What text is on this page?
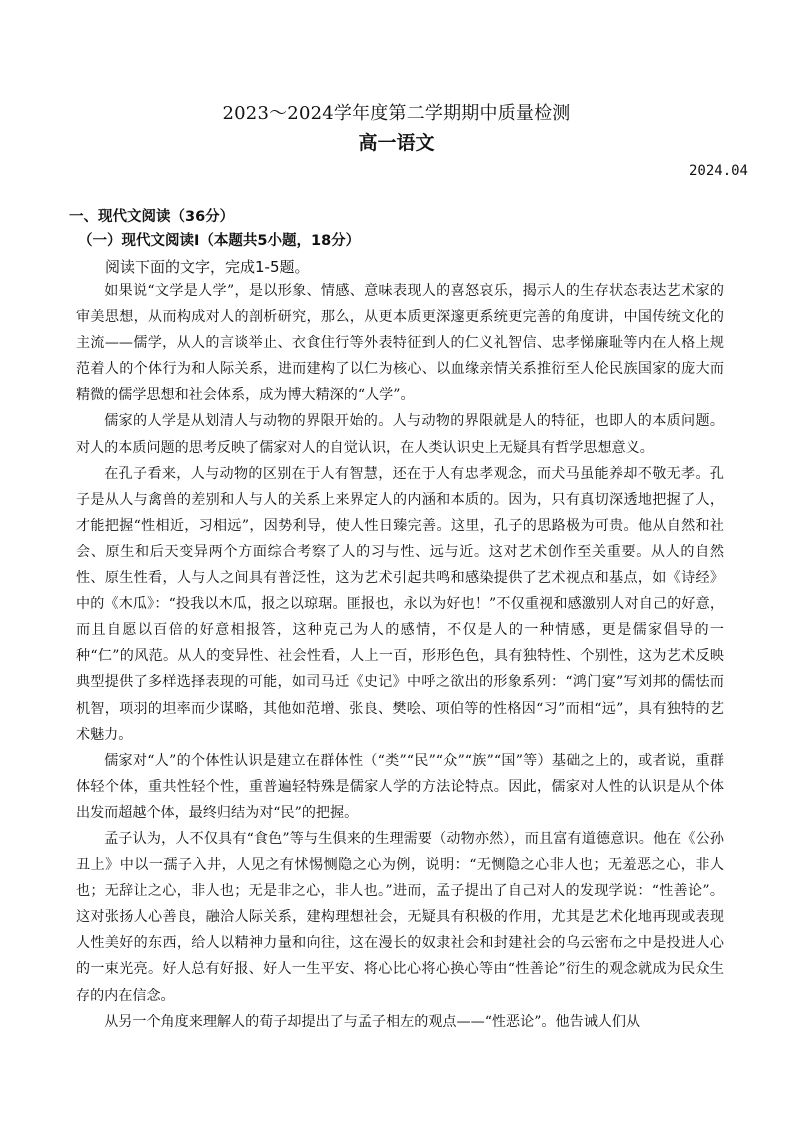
2023～2024学年度第二学期期中质量检测
高一语文
2024.04
一、现代文阅读（36分）
（一）现代文阅读Ⅰ（本题共5小题，18分）
阅读下面的文字，完成1-5题。

如果说“文学是人学”，是以形象、情感、意味表现人的喜怒哀乐，揭示人的生存状态表达艺术家的审美思想，从而构成对人的剖析研究，那么，从更本质更深邃更系统更完善的角度讲，中国传统文化的主流——儒学，从人的言谈举止、衣食住行等外表特征到人的仁义礼智信、忠孝悌廉耻等内在人格上规范着人的个体行为和人际关系，进而建构了以仁为核心、以血缘亲情关系推衍至人伦民族国家的庞大而精微的儒学思想和社会体系，成为博大精深的“人学”。

儒家的人学是从划清人与动物的界限开始的。人与动物的界限就是人的特征，也即人的本质问题。对人的本质问题的思考反映了儒家对人的自觉认识，在人类认识史上无疑具有哲学思想意义。

在孔子看来，人与动物的区别在于人有智慧，还在于人有忠孝观念，而犬马虽能养却不敬无孝。孔子是从人与禽兽的差别和人与人的关系上来界定人的内涵和本质的。因为，只有真切深透地把握了人，才能把握“性相近，习相远”，因势利导，使人性日臻完善。这里，孔子的思路极为可贵。他从自然和社会、原生和后天变异两个方面综合考察了人的习与性、远与近。这对艺术创作至关重要。从人的自然性、原生性看，人与人之间具有普泛性，这为艺术引起共鸣和感染提供了艺术视点和基点，如《诗经》中的《木瓜》：“投我以木瓜，报之以琼琚。匪报也，永以为好也！”不仅重视和感激别人对自己的好意，而且自愿以百倍的好意相报答，这种克己为人的感情，不仅是人的一种情感，更是儒家倡导的一种“仁”的风范。从人的变异性、社会性看，人上一百，形形色色，具有独特性、个别性，这为艺术反映典型提供了多样选择表现的可能，如司马迁《史记》中呼之欲出的形象系列：“鸿门宴”写刘邦的儒怯而机智，项羽的坦率而少谋略，其他如范增、张良、樊哙、项伯等的性格因“习”而相“远”，具有独特的艺术魅力。

儒家对“人”的个体性认识是建立在群体性（“类”“民”“众”“族”“国”等）基础之上的，或者说，重群体轻个体，重共性轻个性，重普遍轻特殊是儒家人学的方法论特点。因此，儒家对人性的认识是从个体出发而超越个体，最终归结为对“民”的把握。

孟子认为，人不仅具有“食色”等与生俱来的生理需要（动物亦然），而且富有道德意识。他在《公孙丑上》中以一孺子入井，人见之有怵惕恻隐之心为例，说明：“无恻隐之心非人也；无羞恶之心，非人也；无辞让之心，非人也；无是非之心，非人也。”进而，孟子提出了自己对人的发现学说：“性善论”。这对张扬人心善良，融洽人际关系，建构理想社会，无疑具有积极的作用，尤其是艺术化地再现或表现人性美好的东西，给人以精神力量和向往，这在漫长的奴隶社会和封建社会的乌云密布之中是投进人心的一束光亮。好人总有好报、好人一生平安、将心比心将心换心等由“性善论”衍生的观念就成为民众生存的内在信念。

从另一个角度来理解人的荀子却提出了与孟子相左的观点——“性恶论”。他告诫人们从
